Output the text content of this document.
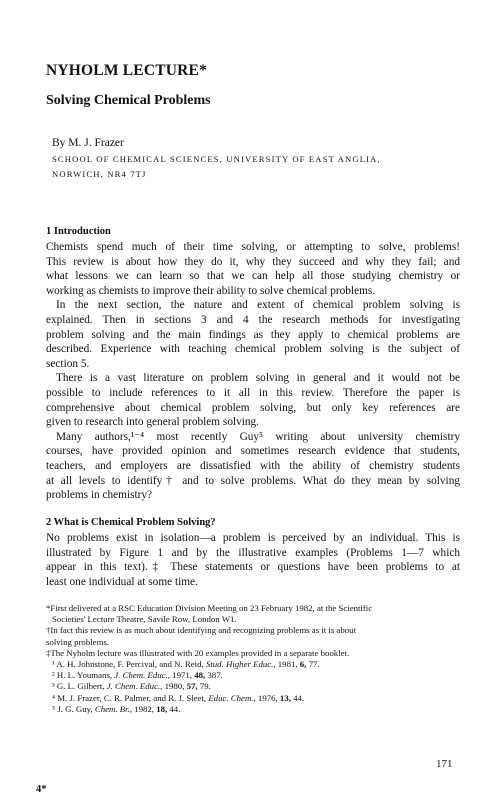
NYHOLM LECTURE*
Solving Chemical Problems
By M. J. Frazer
SCHOOL OF CHEMICAL SCIENCES, UNIVERSITY OF EAST ANGLIA,
NORWICH, NR4 7TJ
1 Introduction
Chemists spend much of their time solving, or attempting to solve, problems!
This review is about how they do it, why they succeed and why they fail; and
what lessons we can learn so that we can help all those studying chemistry or
working as chemists to improve their ability to solve chemical problems.
In the next section, the nature and extent of chemical problem solving is
explained. Then in sections 3 and 4 the research methods for investigating
problem solving and the main findings as they apply to chemical problems are
described. Experience with teaching chemical problem solving is the subject of
section 5.
There is a vast literature on problem solving in general and it would not be
possible to include references to it all in this review. Therefore the paper is
comprehensive about chemical problem solving, but only key references are
given to research into general problem solving.
Many authors,¹⁻⁴ most recently Guy⁵ writing about university chemistry
courses, have provided opinion and sometimes research evidence that students,
teachers, and employers are dissatisfied with the ability of chemistry students
at all levels to identify† and to solve problems. What do they mean by solving
problems in chemistry?
2 What is Chemical Problem Solving?
No problems exist in isolation—a problem is perceived by an individual. This is
illustrated by Figure 1 and by the illustrative examples (Problems 1—7 which
appear in this text).‡ These statements or questions have been problems to at
least one individual at some time.
*First delivered at a RSC Education Division Meeting on 23 February 1982, at the Scientific
Societies' Lecture Theatre, Savile Row, London W1.
†In fact this review is as much about identifying and recognizing problems as it is about
solving problems.
‡The Nyholm lecture was illustrated with 20 examples provided in a separate booklet.
¹ A. H. Johnstone, F. Percival, and N. Reid, Stud. Higher Educ., 1981, 6, 77.
² H. L. Youmans, J. Chem. Educ., 1971, 48, 387.
³ G. L. Gilbert, J. Chem. Educ., 1980, 57, 79.
⁴ M. J. Frazer, C. R. Palmer, and R. J. Sleet, Educ. Chem., 1976, 13, 44.
⁵ J. G. Guy, Chem. Br., 1982, 18, 44.
171
4*
